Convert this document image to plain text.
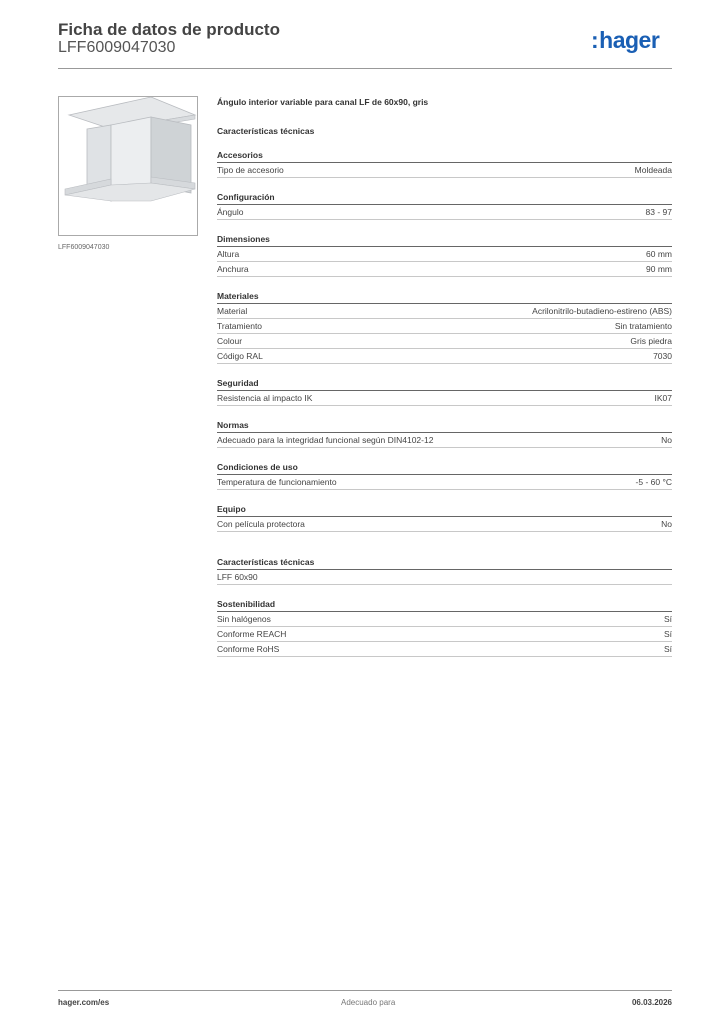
Ficha de datos de producto
LFF6009047030	:hager
LFF6009047030
Ángulo interior variable para canal LF de 60x90, gris
Características técnicas
Accesorios
Tipo de accesorio	Moldeada
Configuración
Ángulo	83 - 97
Dimensiones
Altura	60 mm
Anchura	90 mm
Materiales
Material	Acrilonitrilo-butadieno-estireno (ABS)
Tratamiento	Sin tratamiento
Colour	Gris piedra
Código RAL	7030
Seguridad
Resistencia al impacto IK	IK07
Normas
Adecuado para la integridad funcional según DIN4102-12	No
Condiciones de uso
Temperatura de funcionamiento	-5 - 60 °C
Equipo
Con película protectora	No
Características técnicas
LFF 60x90
Sostenibilidad
Sin halógenos	Sí
Conforme REACH	Sí
Conforme RoHS	Sí
hager.com/es	Adecuado para	06.03.2026
